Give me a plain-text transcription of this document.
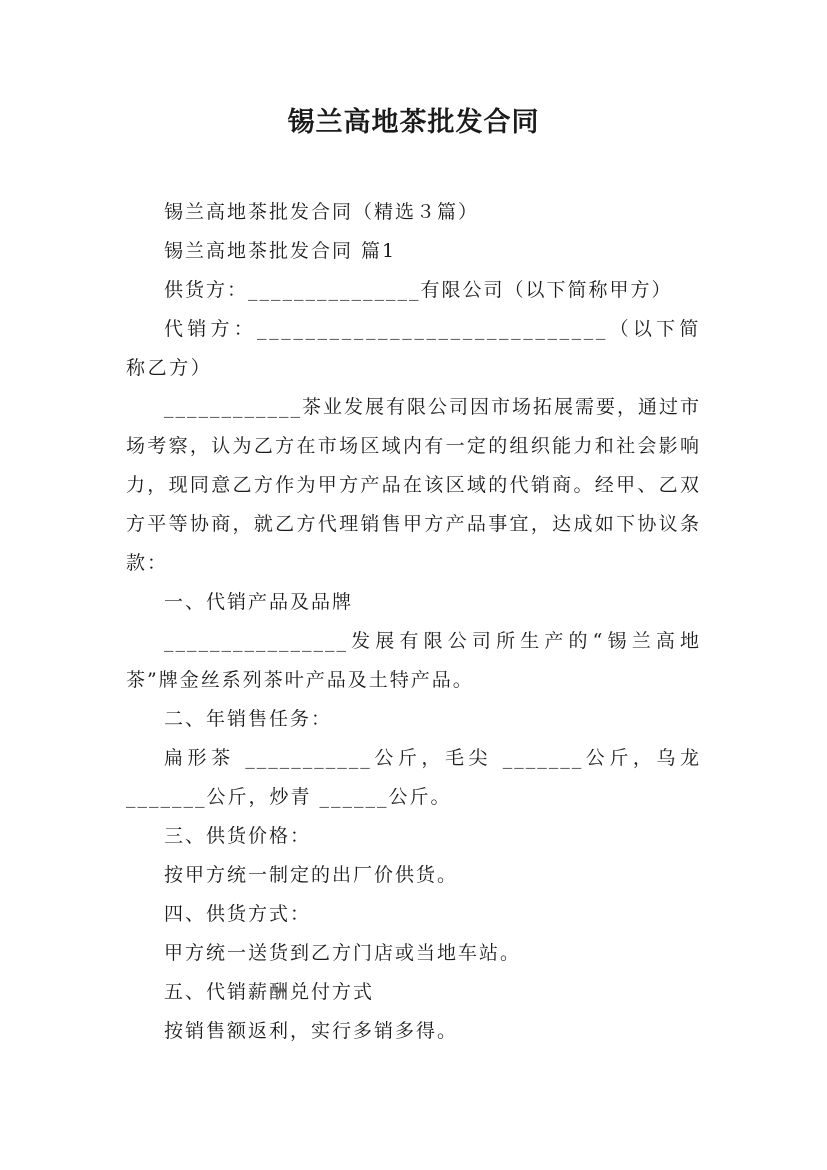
锡兰高地茶批发合同

锡兰高地茶批发合同（精选３篇）

锡兰高地茶批发合同 篇1

供货方：_______________有限公司（以下简称甲方）

代销方：_____________________________（以下简称乙方）

____________茶业发展有限公司因市场拓展需要，通过市场考察，认为乙方在市场区域内有一定的组织能力和社会影响力，现同意乙方作为甲方产品在该区域的代销商。经甲、乙双方平等协商，就乙方代理销售甲方产品事宜，达成如下协议条款：

一、代销产品及品牌

________________发展有限公司所生产的“锡兰高地茶”牌金丝系列茶叶产品及土特产品。

二、年销售任务：

扁形茶 ___________公斤，毛尖 _______公斤，乌龙_______公斤，炒青 ______公斤。

三、供货价格：

按甲方统一制定的出厂价供货。

四、供货方式：

甲方统一送货到乙方门店或当地车站。

五、代销薪酬兑付方式

按销售额返利，实行多销多得。
